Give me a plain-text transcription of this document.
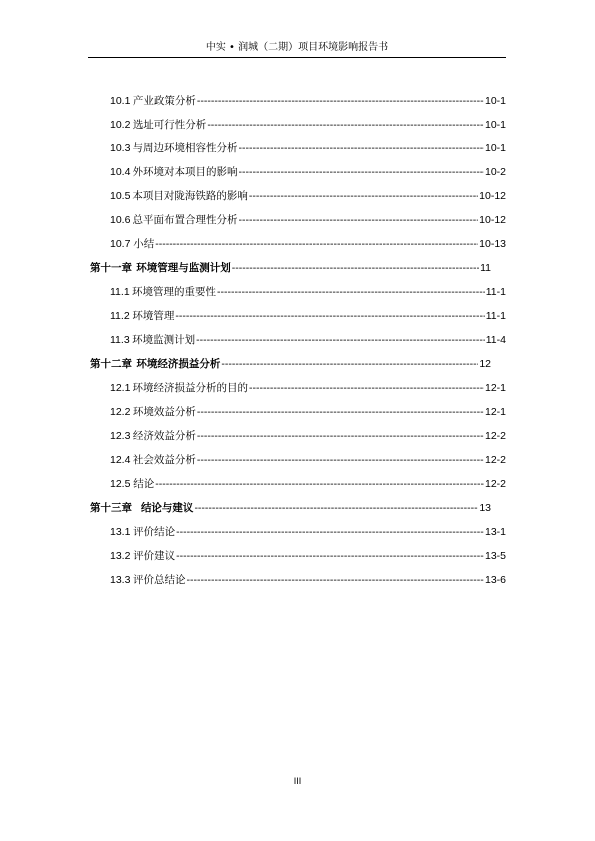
中实 • 润城（二期）项目环境影响报告书
10.1 产业政策分析 -----	10-1
10.2 选址可行性分析 -----	10-1
10.3 与周边环境相容性分析 -----	10-1
10.4 外环境对本项目的影响 -----	10-2
10.5 本项目对陇海铁路的影响 -----	10-12
10.6 总平面布置合理性分析 -----	10-12
10.7 小结 -----	10-13
第十一章 环境管理与监测计划 -----	11
11.1 环境管理的重要性 -----	11-1
11.2 环境管理 -----	11-1
11.3 环境监测计划 -----	11-4
第十二章 环境经济损益分析 -----	12
12.1 环境经济损益分析的目的 -----	12-1
12.2 环境效益分析 -----	12-1
12.3 经济效益分析 -----	12-2
12.4 社会效益分析 -----	12-2
12.5 结论 -----	12-2
第十三章 结论与建议 -----	13
13.1 评价结论 -----	13-1
13.2 评价建议 -----	13-5
13.3 评价总结论 -----	13-6
III
